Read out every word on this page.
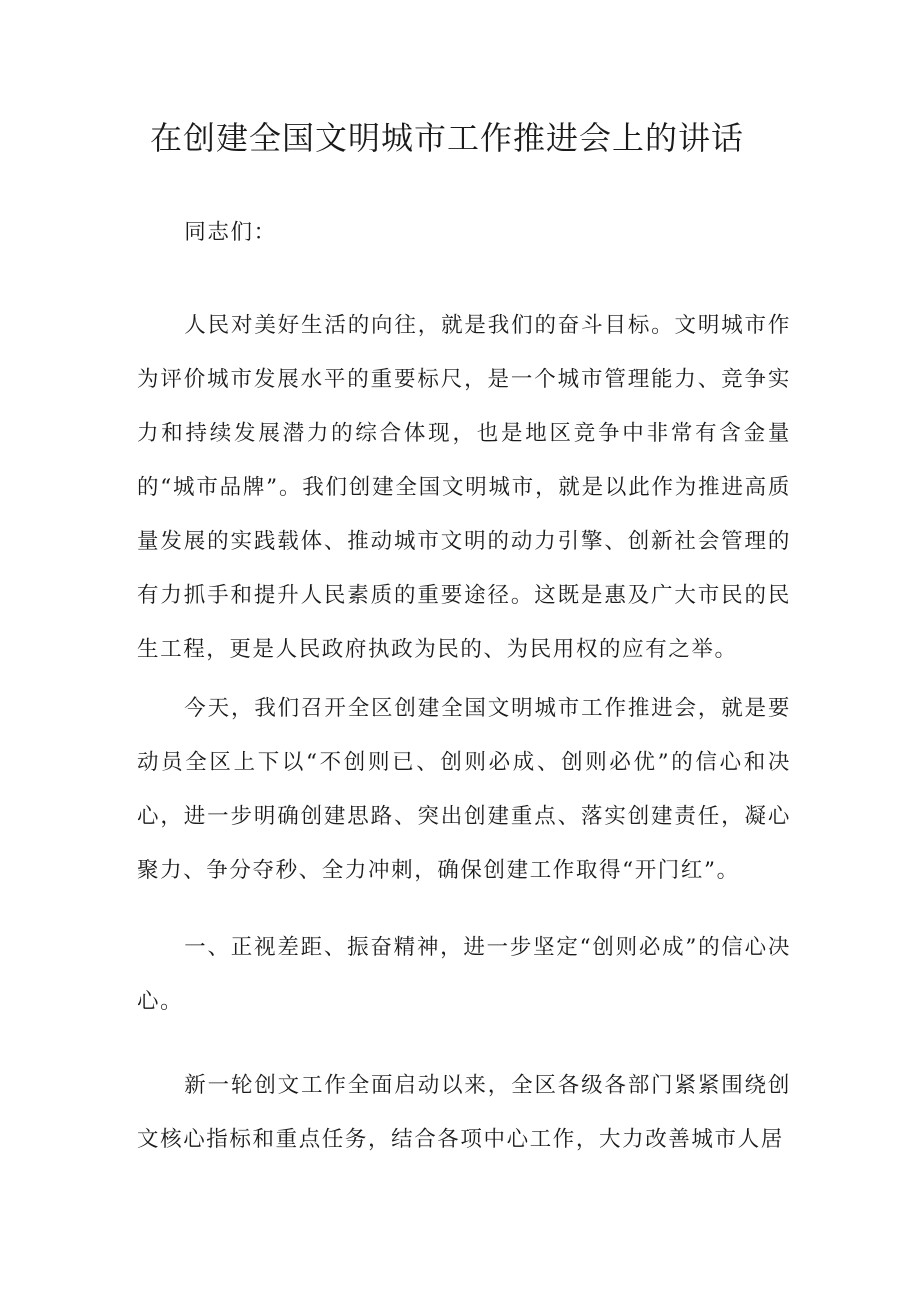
在创建全国文明城市工作推进会上的讲话

同志们：

人民对美好生活的向往，就是我们的奋斗目标。文明城市作为评价城市发展水平的重要标尺，是一个城市管理能力、竞争实力和持续发展潜力的综合体现，也是地区竞争中非常有含金量的“城市品牌”。我们创建全国文明城市，就是以此作为推进高质量发展的实践载体、推动城市文明的动力引擎、创新社会管理的有力抓手和提升人民素质的重要途径。这既是惠及广大市民的民生工程，更是人民政府执政为民的、为民用权的应有之举。

今天，我们召开全区创建全国文明城市工作推进会，就是要动员全区上下以“不创则已、创则必成、创则必优”的信心和决心，进一步明确创建思路、突出创建重点、落实创建责任，凝心聚力、争分夺秒、全力冲刺，确保创建工作取得“开门红”。

一、正视差距、振奋精神，进一步坚定“创则必成”的信心决心。

新一轮创文工作全面启动以来，全区各级各部门紧紧围绕创文核心指标和重点任务，结合各项中心工作，大力改善城市人居
